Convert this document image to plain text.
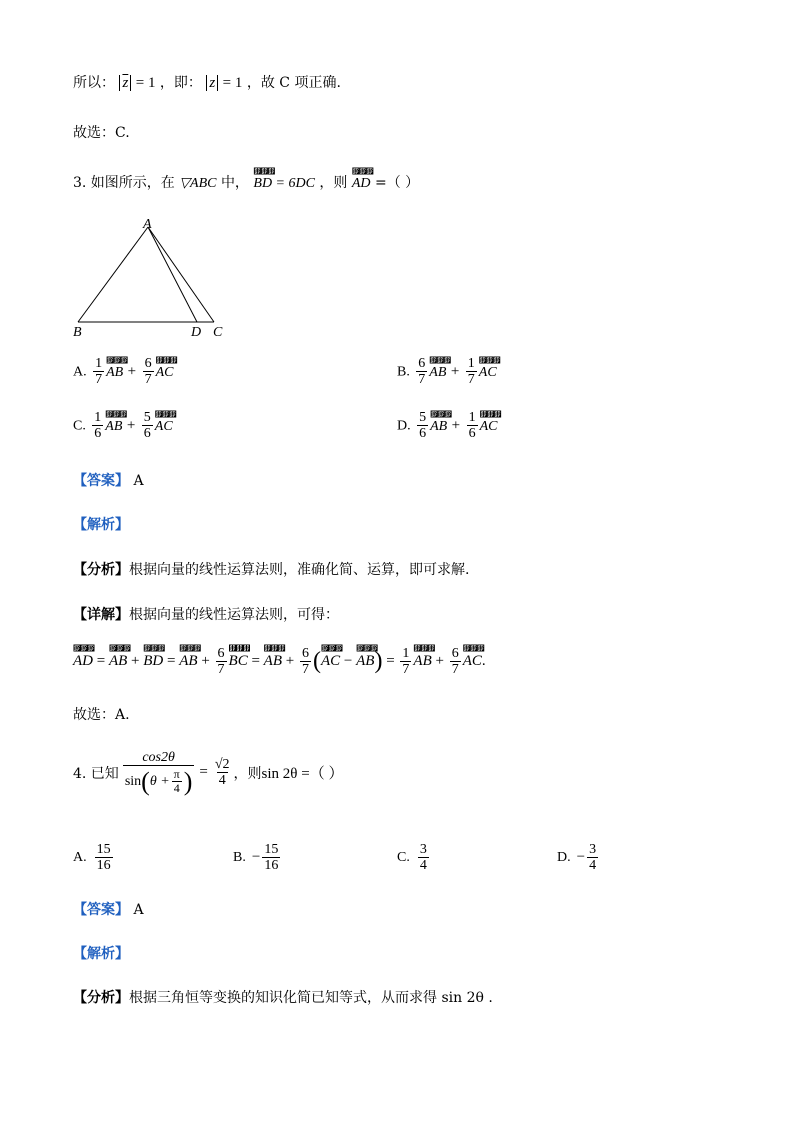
所以： $\overline{z} = 1$ ，即： z = 1 ，故 C 项正确.
故选：C.
3. 如图所示，在 ▽ABC 中， ⴯⴯⴯ BD = 6DC ，则 ⴯⴯⴯ AD =（ ）
A
B	D C
A. $\frac{1}{7}$ ⴯⴯⴯ AB + $\frac{6}{7}$ ⴯⴯⴯ AC	B. $\frac{6}{7}$ ⴯⴯⴯ AB + $\frac{1}{7}$ ⴯⴯⴯ AC
C. $\frac{1}{6}$ ⴯⴯⴯ AB + $\frac{5}{6}$ ⴯⴯⴯ AC	D. $\frac{5}{6}$ ⴯⴯⴯ AB + $\frac{1}{6}$ ⴯⴯⴯ AC
【答案】 A
【解析】
【分析】根据向量的线性运算法则，准确化简、运算，即可求解.
【详解】根据向量的线性运算法则，可得：
⴯⴯⴯ AD = ⴯⴯⴯ AB + ⴯⴯⴯ BD = ⴯⴯⴯ AB + $\frac{6}{7}$ ⴯⴯⴯ BC = ⴯⴯⴯ AB + $\frac{6}{7}$ (⴯⴯⴯ AC − ⴯⴯⴯ $AB) = \frac{1}{7}$ ⴯⴯⴯ AB + $\frac{6}{7}$ ⴯⴯⴯ AC.
故选：A.
4. 已知 $\frac{\cos 2\theta}{\sin ( \theta + \frac{\pi}{4} )} = \frac{√2}{4}$ ，则 sin 2θ =（ ）
A. $\frac{15}{16}$	B. − $\frac{15}{16}$	C. $\frac{3}{4}$	D. − $\frac{3}{4}$
【答案】 A
【解析】
【分析】根据三角恒等变换的知识化简已知等式，从而求得 sin 2θ .
